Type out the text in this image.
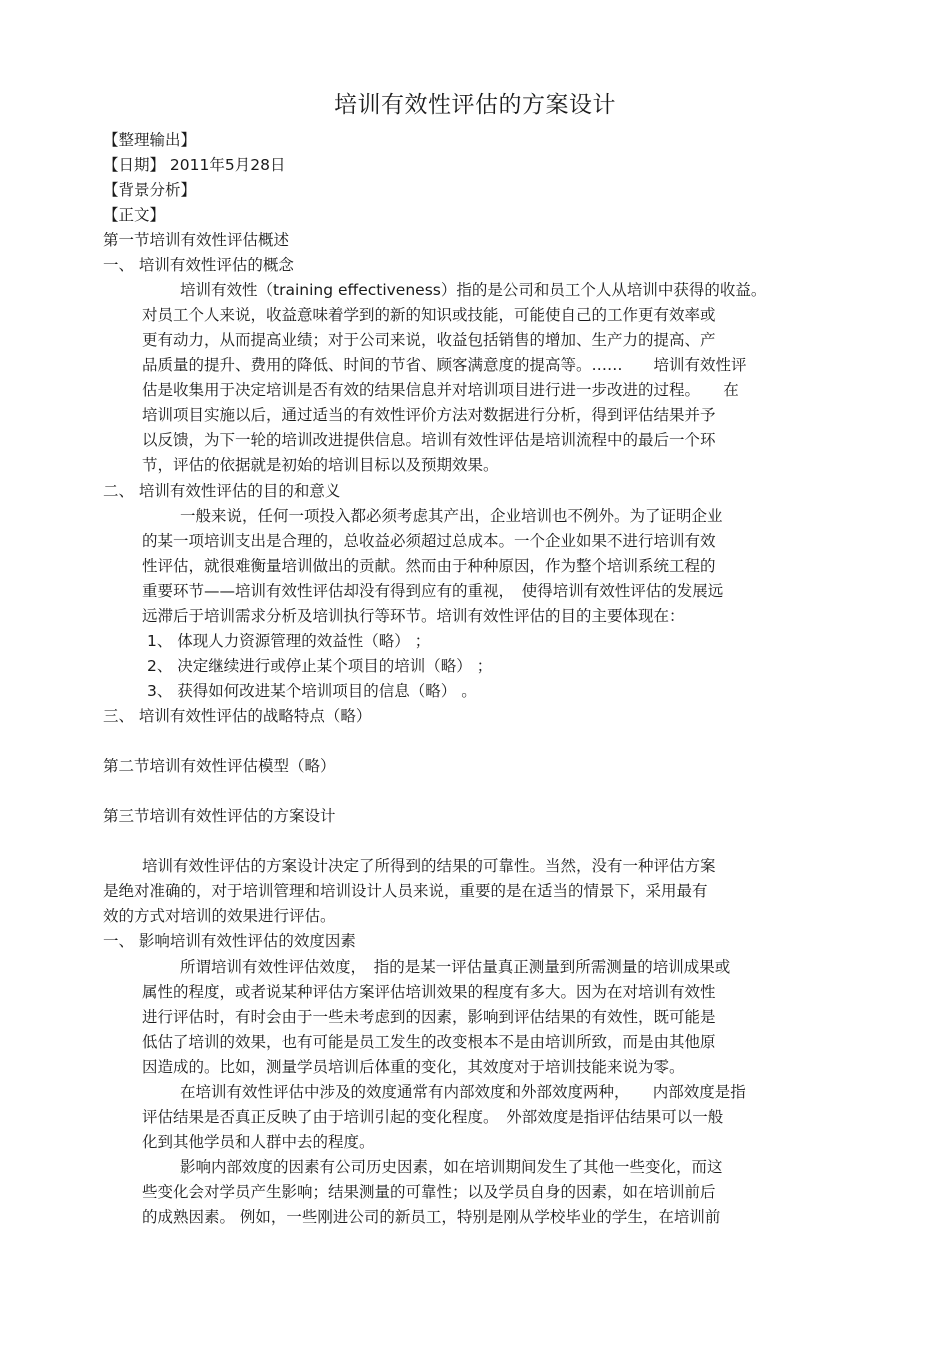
培训有效性评估的方案设计
【整理输出】
【日期】 2011年5月28日
【背景分析】
【正文】
第一节培训有效性评估概述
一、 培训有效性评估的概念
培训有效性（training effectiveness）指的是公司和员工个人从培训中获得的收益。
对员工个人来说，收益意味着学到的新的知识或技能，可能使自己的工作更有效率或
更有动力，从而提高业绩；对于公司来说，收益包括销售的增加、生产力的提高、产
品质量的提升、费用的降低、时间的节省、顾客满意度的提高等。……　　培训有效性评
估是收集用于决定培训是否有效的结果信息并对培训项目进行进一步改进的过程。　　在
培训项目实施以后，通过适当的有效性评价方法对数据进行分析，得到评估结果并予
以反馈，为下一轮的培训改进提供信息。培训有效性评估是培训流程中的最后一个环
节，评估的依据就是初始的培训目标以及预期效果。
二、 培训有效性评估的目的和意义
一般来说，任何一项投入都必须考虑其产出，企业培训也不例外。为了证明企业
的某一项培训支出是合理的，总收益必须超过总成本。一个企业如果不进行培训有效
性评估，就很难衡量培训做出的贡献。然而由于种种原因，作为整个培训系统工程的
重要环节——培训有效性评估却没有得到应有的重视，　使得培训有效性评估的发展远
远滞后于培训需求分析及培训执行等环节。培训有效性评估的目的主要体现在：
1、 体现人力资源管理的效益性（略） ；
2、 决定继续进行或停止某个项目的培训（略） ；
3、 获得如何改进某个培训项目的信息（略） 。
三、 培训有效性评估的战略特点（略）
第二节培训有效性评估模型（略）
第三节培训有效性评估的方案设计
培训有效性评估的方案设计决定了所得到的结果的可靠性。当然，没有一种评估方案
是绝对准确的，对于培训管理和培训设计人员来说，重要的是在适当的情景下，采用最有
效的方式对培训的效果进行评估。
一、 影响培训有效性评估的效度因素
所谓培训有效性评估效度，　指的是某一评估量真正测量到所需测量的培训成果或
属性的程度，或者说某种评估方案评估培训效果的程度有多大。因为在对培训有效性
进行评估时，有时会由于一些未考虑到的因素，影响到评估结果的有效性，既可能是
低估了培训的效果，也有可能是员工发生的改变根本不是由培训所致，而是由其他原
因造成的。比如，测量学员培训后体重的变化，其效度对于培训技能来说为零。
在培训有效性评估中涉及的效度通常有内部效度和外部效度两种，　　内部效度是指
评估结果是否真正反映了由于培训引起的变化程度。　外部效度是指评估结果可以一般
化到其他学员和人群中去的程度。
影响内部效度的因素有公司历史因素，如在培训期间发生了其他一些变化，而这
些变化会对学员产生影响；结果测量的可靠性；以及学员自身的因素，如在培训前后
的成熟因素。 例如，一些刚进公司的新员工，特别是刚从学校毕业的学生，在培训前
